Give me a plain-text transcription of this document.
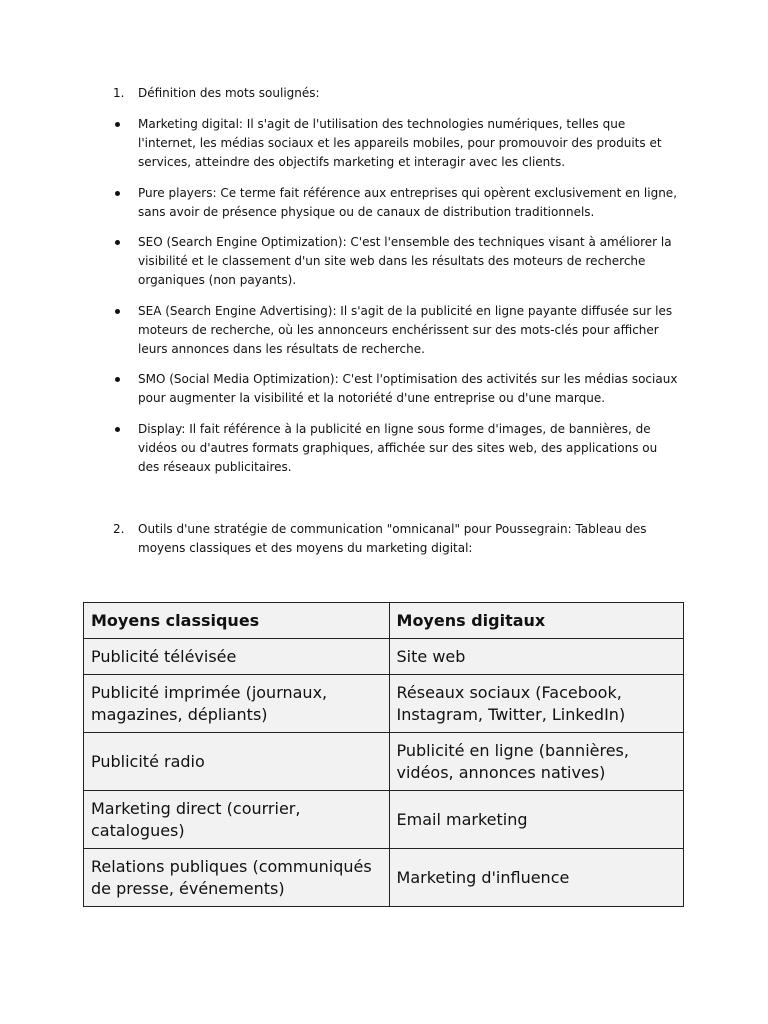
1.	Définition des mots soulignés:
Marketing digital: Il s'agit de l'utilisation des technologies numériques, telles que l'internet, les médias sociaux et les appareils mobiles, pour promouvoir des produits et services, atteindre des objectifs marketing et interagir avec les clients.
Pure players: Ce terme fait référence aux entreprises qui opèrent exclusivement en ligne, sans avoir de présence physique ou de canaux de distribution traditionnels.
SEO (Search Engine Optimization): C'est l'ensemble des techniques visant à améliorer la visibilité et le classement d'un site web dans les résultats des moteurs de recherche organiques (non payants).
SEA (Search Engine Advertising): Il s'agit de la publicité en ligne payante diffusée sur les moteurs de recherche, où les annonceurs enchérissent sur des mots-clés pour afficher leurs annonces dans les résultats de recherche.
SMO (Social Media Optimization): C'est l'optimisation des activités sur les médias sociaux pour augmenter la visibilité et la notoriété d'une entreprise ou d'une marque.
Display: Il fait référence à la publicité en ligne sous forme d'images, de bannières, de vidéos ou d'autres formats graphiques, affichée sur des sites web, des applications ou des réseaux publicitaires.
2.	Outils d'une stratégie de communication "omnicanal" pour Poussegrain: Tableau des moyens classiques et des moyens du marketing digital:
Moyens classiques	Moyens digitaux
Publicité télévisée	Site web
Publicité imprimée (journaux, magazines, dépliants)	Réseaux sociaux (Facebook, Instagram, Twitter, LinkedIn)
Publicité radio	Publicité en ligne (bannières, vidéos, annonces natives)
Marketing direct (courrier, catalogues)	Email marketing
Relations publiques (communiqués de presse, événements)	Marketing d'influence
